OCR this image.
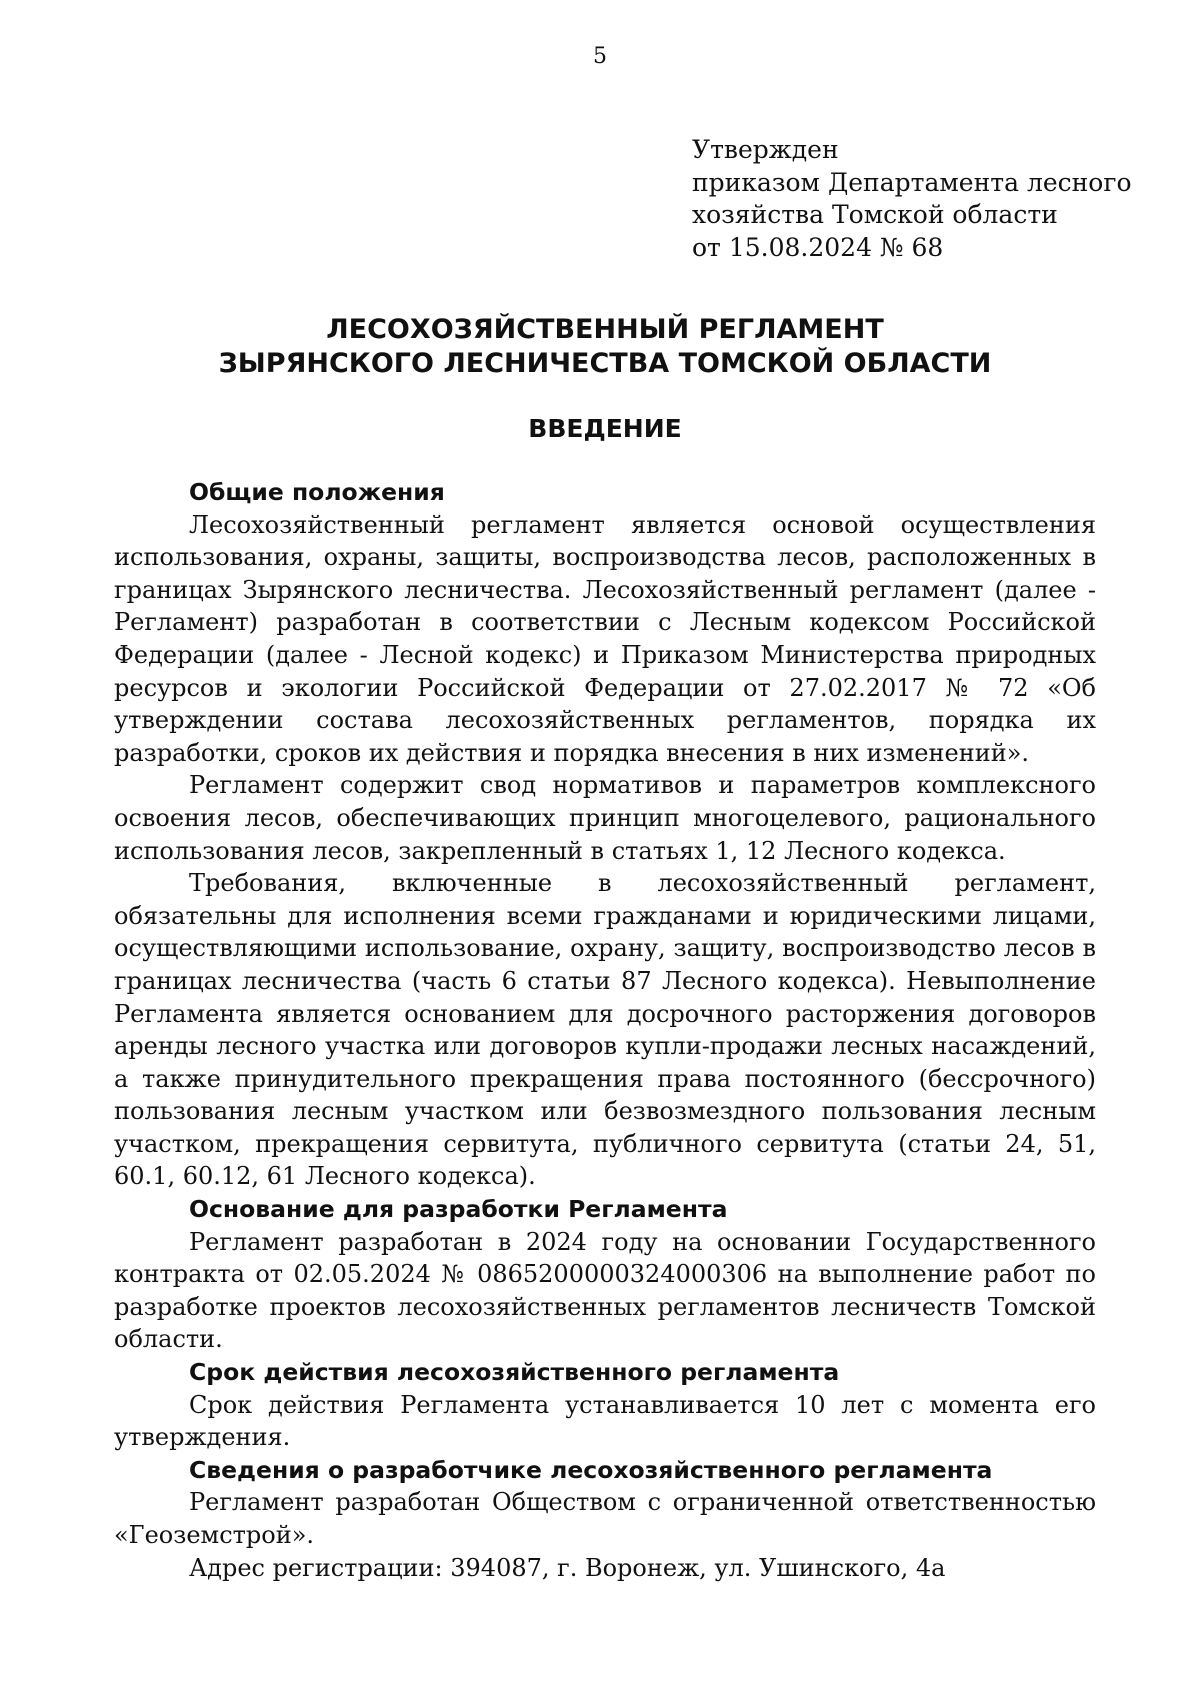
5
Утвержден
приказом Департамента лесного
хозяйства Томской области
от 15.08.2024 № 68
ЛЕСОХОЗЯЙСТВЕННЫЙ РЕГЛАМЕНТ
ЗЫРЯНСКОГО ЛЕСНИЧЕСТВА ТОМСКОЙ ОБЛАСТИ
ВВЕДЕНИЕ
Общие положения

Лесохозяйственный регламент является основой осуществления использования, охраны, защиты, воспроизводства лесов, расположенных в границах Зырянского лесничества. Лесохозяйственный регламент (далее - Регламент) разработан в соответствии с Лесным кодексом Российской Федерации (далее - Лесной кодекс) и Приказом Министерства природных ресурсов и экологии Российской Федерации от 27.02.2017 № 72 «Об утверждении состава лесохозяйственных регламентов, порядка их разработки, сроков их действия и порядка внесения в них изменений».

Регламент содержит свод нормативов и параметров комплексного освоения лесов, обеспечивающих принцип многоцелевого, рационального использования лесов, закрепленный в статьях 1, 12 Лесного кодекса.

Требования, включенные в лесохозяйственный регламент, обязательны для исполнения всеми гражданами и юридическими лицами, осуществляющими использование, охрану, защиту, воспроизводство лесов в границах лесничества (часть 6 статьи 87 Лесного кодекса). Невыполнение Регламента является основанием для досрочного расторжения договоров аренды лесного участка или договоров купли-продажи лесных насаждений, а также принудительного прекращения права постоянного (бессрочного) пользования лесным участком или безвозмездного пользования лесным участком, прекращения сервитута, публичного сервитута (статьи 24, 51, 60.1, 60.12, 61 Лесного кодекса).

Основание для разработки Регламента

Регламент разработан в 2024 году на основании Государственного контракта от 02.05.2024 № 0865200000324000306 на выполнение работ по разработке проектов лесохозяйственных регламентов лесничеств Томской области.

Срок действия лесохозяйственного регламента

Срок действия Регламента устанавливается 10 лет с момента его утверждения.

Сведения о разработчике лесохозяйственного регламента

Регламент разработан Обществом с ограниченной ответственностью «Геоземстрой».

Адрес регистрации: 394087, г. Воронеж, ул. Ушинского, 4а
